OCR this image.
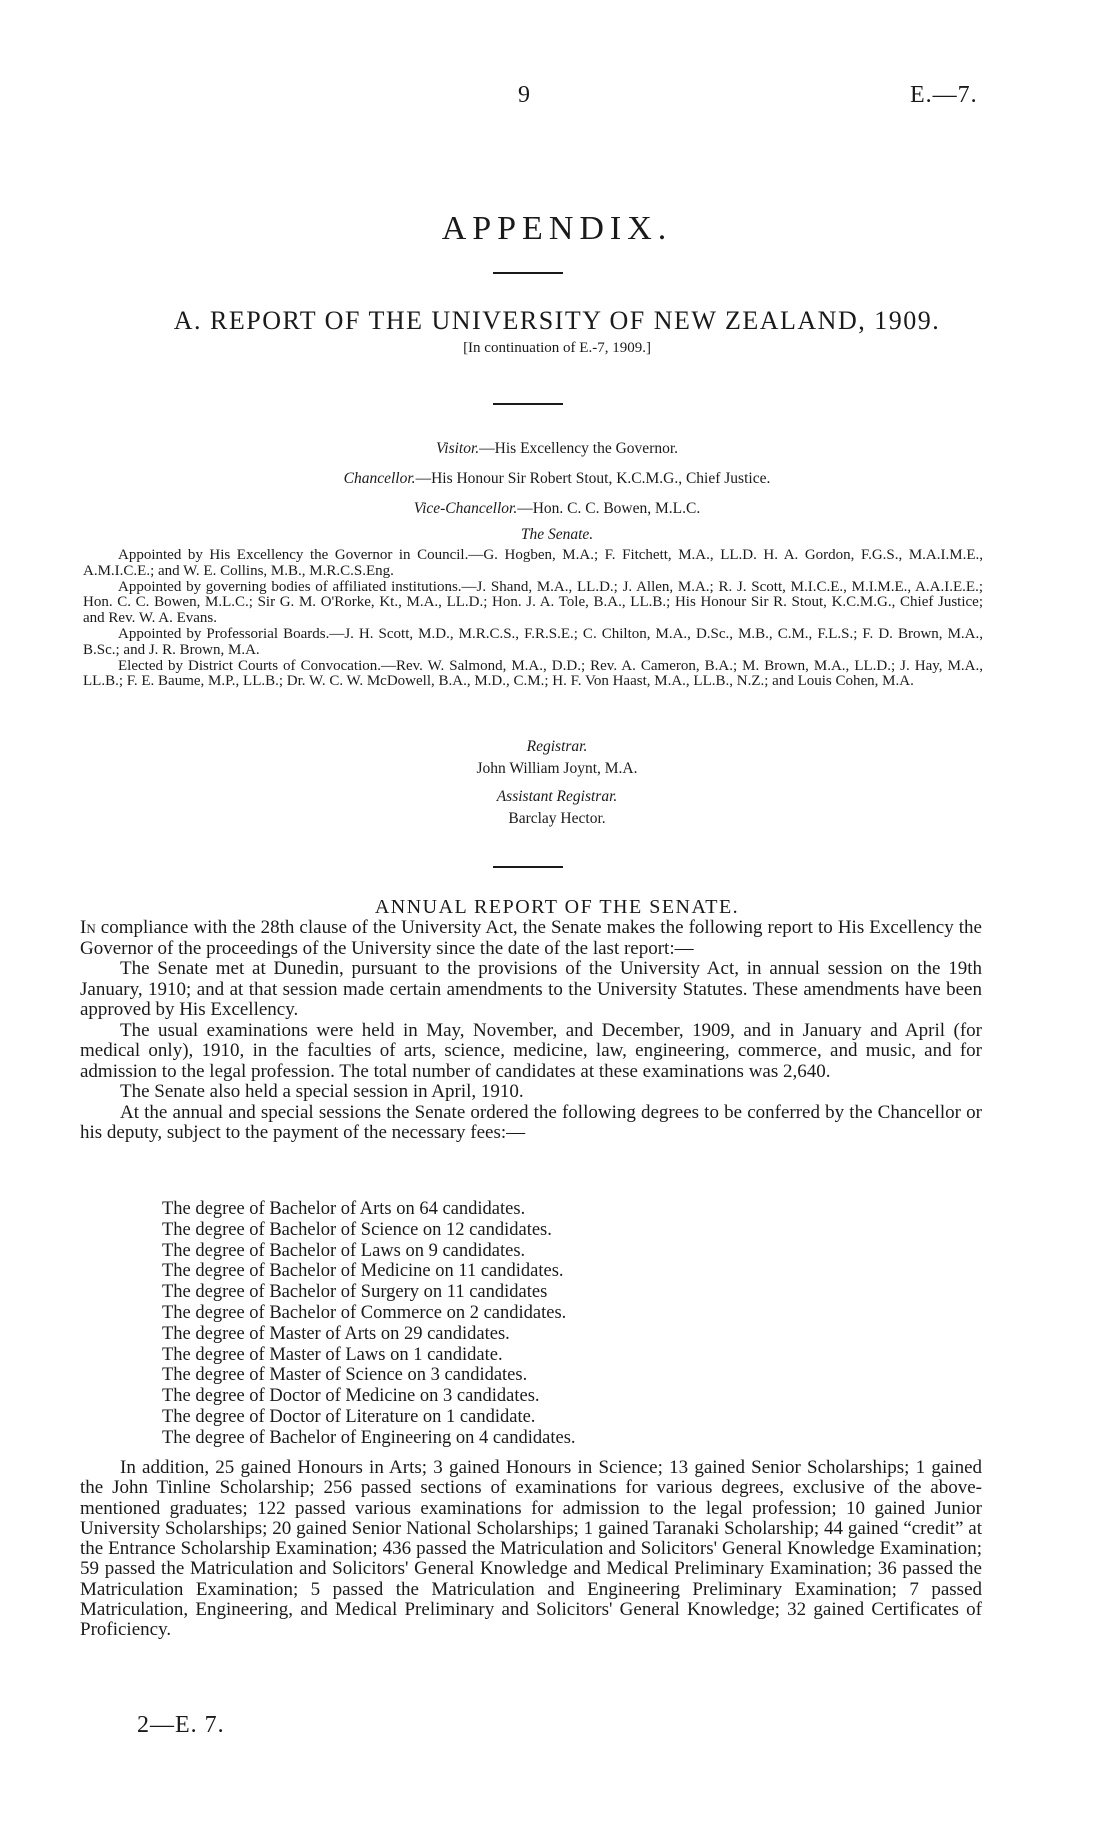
9	E.—7.
APPENDIX.
A. REPORT OF THE UNIVERSITY OF NEW ZEALAND, 1909.
[In continuation of E.-7, 1909.]
Visitor.—His Excellency the Governor.
Chancellor.—His Honour Sir Robert Stout, K.C.M.G., Chief Justice.
Vice-Chancellor.—Hon. C. C. Bowen, M.L.C.
The Senate.

Appointed by His Excellency the Governor in Council.—G. Hogben, M.A.; F. Fitchett, M.A., LL.D. H. A. Gordon, F.G.S., M.A.I.M.E., A.M.I.C.E.; and W. E. Collins, M.B., M.R.C.S.Eng.

Appointed by governing bodies of affiliated institutions.—J. Shand, M.A., LL.D.; J. Allen, M.A.; R. J. Scott, M.I.C.E., M.I.M.E., A.A.I.E.E.; Hon. C. C. Bowen, M.L.C.; Sir G. M. O'Rorke, Kt., M.A., LL.D.; Hon. J. A. Tole, B.A., LL.B.; His Honour Sir R. Stout, K.C.M.G., Chief Justice; and Rev. W. A. Evans.

Appointed by Professorial Boards.—J. H. Scott, M.D., M.R.C.S., F.R.S.E.; C. Chilton, M.A., D.Sc., M.B., C.M., F.L.S.; F. D. Brown, M.A., B.Sc.; and J. R. Brown, M.A.

Elected by District Courts of Convocation.—Rev. W. Salmond, M.A., D.D.; Rev. A. Cameron, B.A.; M. Brown, M.A., LL.D.; J. Hay, M.A., LL.B.; F. E. Baume, M.P., LL.B.; Dr. W. C. W. McDowell, B.A., M.D., C.M.; H. F. Von Haast, M.A., LL.B., N.Z.; and Louis Cohen, M.A.

Registrar.
John William Joynt, M.A.
Assistant Registrar.
Barclay Hector.
ANNUAL REPORT OF THE SENATE.

In compliance with the 28th clause of the University Act, the Senate makes the following report to His Excellency the Governor of the proceedings of the University since the date of the last report:—

The Senate met at Dunedin, pursuant to the provisions of the University Act, in annual session on the 19th January, 1910; and at that session made certain amendments to the University Statutes. These amendments have been approved by His Excellency.

The usual examinations were held in May, November, and December, 1909, and in January and April (for medical only), 1910, in the faculties of arts, science, medicine, law, engineering, commerce, and music, and for admission to the legal profession. The total number of candidates at these examinations was 2,640.

The Senate also held a special session in April, 1910.

At the annual and special sessions the Senate ordered the following degrees to be conferred by the Chancellor or his deputy, subject to the payment of the necessary fees:—

The degree of Bachelor of Arts on 64 candidates.
The degree of Bachelor of Science on 12 candidates.
The degree of Bachelor of Laws on 9 candidates.
The degree of Bachelor of Medicine on 11 candidates.
The degree of Bachelor of Surgery on 11 candidates
The degree of Bachelor of Commerce on 2 candidates.
The degree of Master of Arts on 29 candidates.
The degree of Master of Laws on 1 candidate.
The degree of Master of Science on 3 candidates.
The degree of Doctor of Medicine on 3 candidates.
The degree of Doctor of Literature on 1 candidate.
The degree of Bachelor of Engineering on 4 candidates.

In addition, 25 gained Honours in Arts; 3 gained Honours in Science; 13 gained Senior Scholarships; 1 gained the John Tinline Scholarship; 256 passed sections of examinations for various degrees, exclusive of the above-mentioned graduates; 122 passed various examinations for admission to the legal profession; 10 gained Junior University Scholarships; 20 gained Senior National Scholarships; 1 gained Taranaki Scholarship; 44 gained “credit” at the Entrance Scholarship Examination; 436 passed the Matriculation and Solicitors' General Knowledge Examination; 59 passed the Matriculation and Solicitors' General Knowledge and Medical Preliminary Examination; 36 passed the Matriculation Examination; 5 passed the Matriculation and Engineering Preliminary Examination; 7 passed Matriculation, Engineering, and Medical Preliminary and Solicitors' General Knowledge; 32 gained Certificates of Proficiency.

2—E. 7.
